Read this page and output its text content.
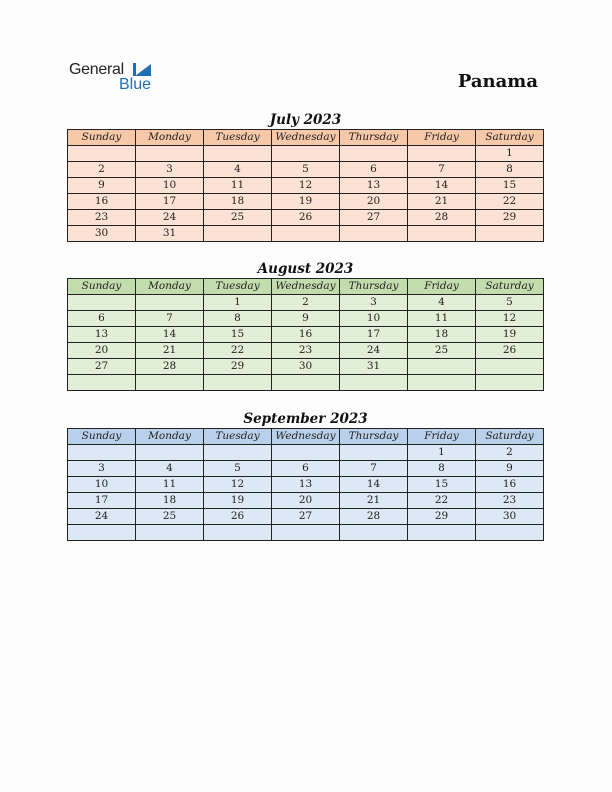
General
Blue	Panama
July 2023
Sunday	Monday	Tuesday	Wednesday	Thursday	Friday	Saturday
						1
2	3	4	5	6	7	8
9	10	11	12	13	14	15
16	17	18	19	20	21	22
23	24	25	26	27	28	29
30	31					
August 2023
Sunday	Monday	Tuesday	Wednesday	Thursday	Friday	Saturday
		1	2	3	4	5
6	7	8	9	10	11	12
13	14	15	16	17	18	19
20	21	22	23	24	25	26
27	28	29	30	31		

September 2023
Sunday	Monday	Tuesday	Wednesday	Thursday	Friday	Saturday
					1	2
3	4	5	6	7	8	9
10	11	12	13	14	15	16
17	18	19	20	21	22	23
24	25	26	27	28	29	30
